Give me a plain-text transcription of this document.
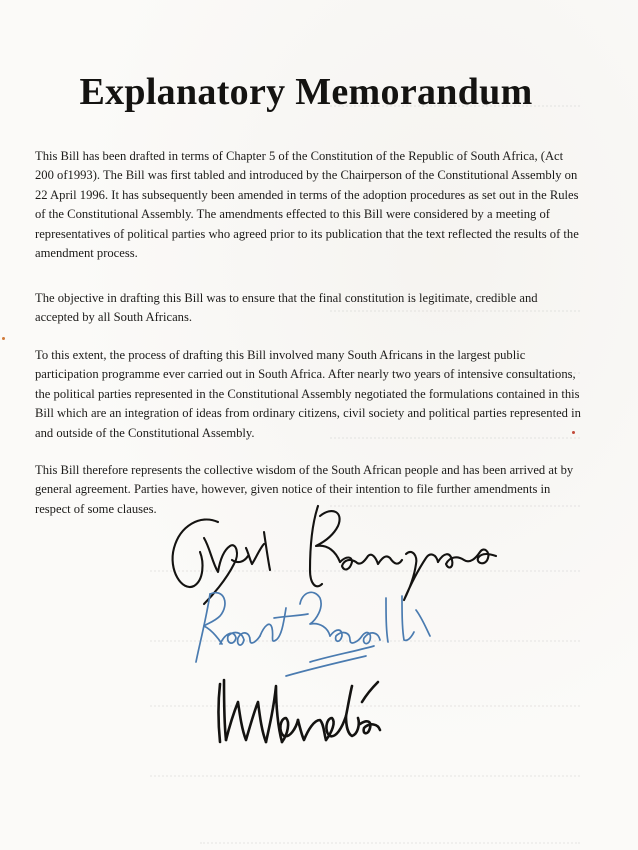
Explanatory Memorandum

This Bill has been drafted in terms of Chapter 5 of the Constitution of the Republic of South Africa, (Act 200 of1993). The Bill was first tabled and introduced by the Chairperson of the Constitutional Assembly on 22 April 1996. It has subsequently been amended in terms of the adoption procedures as set out in the Rules of the Constitutional Assembly. The amendments effected to this Bill were considered by a meeting of representatives of political parties who agreed prior to its publication that the text reflected the results of the amendment process.

The objective in drafting this Bill was to ensure that the final constitution is legitimate, credible and accepted by all South Africans.

To this extent, the process of drafting this Bill involved many South Africans in the largest public participation programme ever carried out in South Africa. After nearly two years of intensive consultations, the political parties represented in the Constitutional Assembly negotiated the formulations contained in this Bill which are an integration of ideas from ordinary citizens, civil society and political parties represented in and outside of the Constitutional Assembly.

This Bill therefore represents the collective wisdom of the South African people and has been arrived at by general agreement. Parties have, however, given notice of their intention to file further amendments in respect of some clauses.
